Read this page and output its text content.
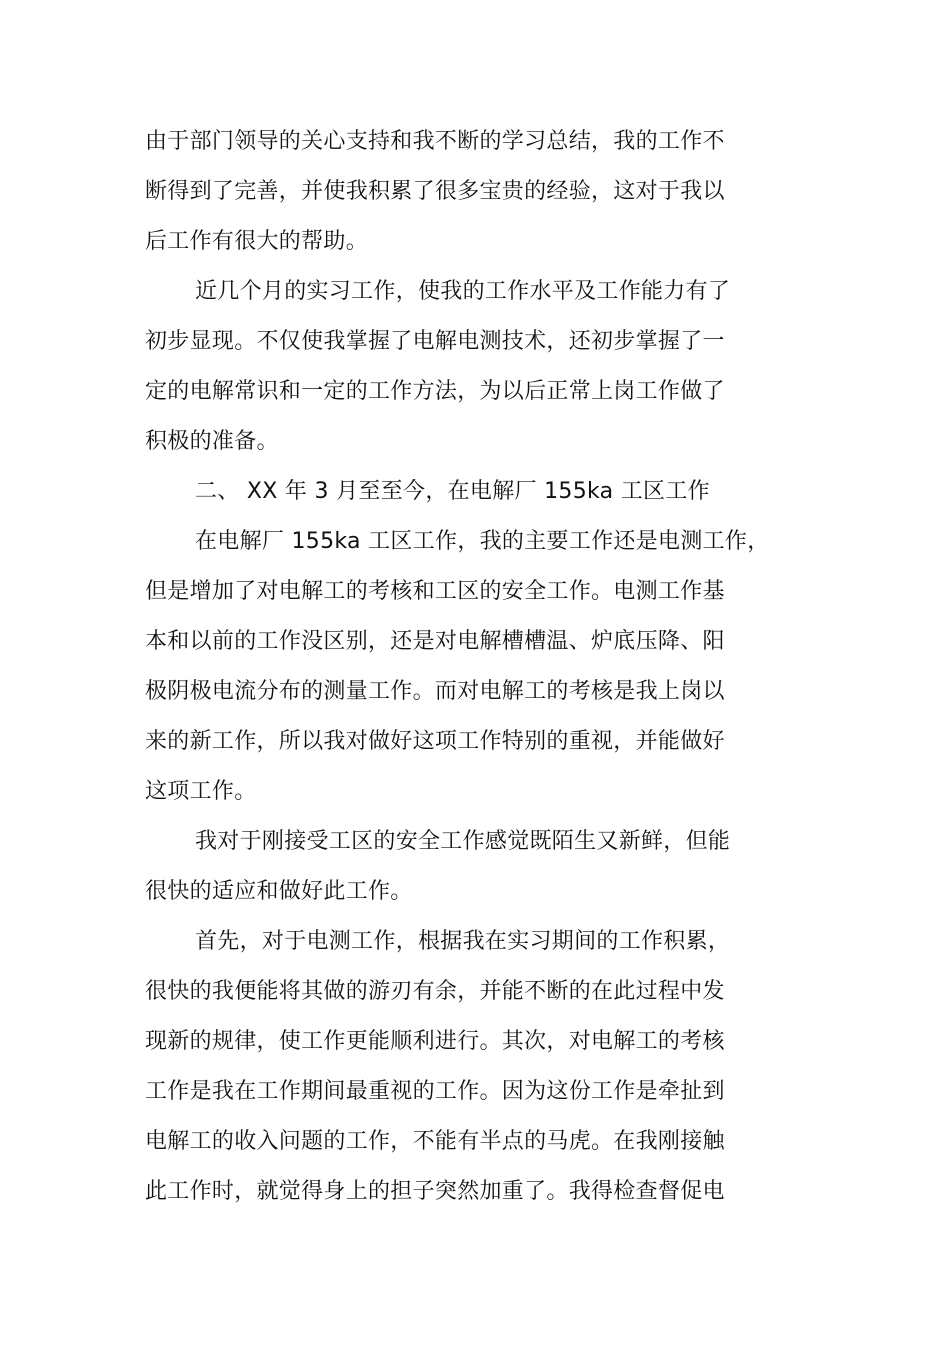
由于部门领导的关心支持和我不断的学习总结，我的工作不
断得到了完善，并使我积累了很多宝贵的经验，这对于我以
后工作有很大的帮助。
近几个月的实习工作，使我的工作水平及工作能力有了
初步显现。不仅使我掌握了电解电测技术，还初步掌握了一
定的电解常识和一定的工作方法，为以后正常上岗工作做了
积极的准备。
二、 XX 年 3 月至至今，在电解厂 155ka 工区工作
在电解厂 155ka 工区工作，我的主要工作还是电测工作，
但是增加了对电解工的考核和工区的安全工作。电测工作基
本和以前的工作没区别，还是对电解槽槽温、炉底压降、阳
极阴极电流分布的测量工作。而对电解工的考核是我上岗以
来的新工作，所以我对做好这项工作特别的重视，并能做好
这项工作。
我对于刚接受工区的安全工作感觉既陌生又新鲜，但能
很快的适应和做好此工作。
首先，对于电测工作，根据我在实习期间的工作积累，
很快的我便能将其做的游刃有余，并能不断的在此过程中发
现新的规律，使工作更能顺利进行。其次，对电解工的考核
工作是我在工作期间最重视的工作。因为这份工作是牵扯到
电解工的收入问题的工作，不能有半点的马虎。在我刚接触
此工作时，就觉得身上的担子突然加重了。我得检查督促电
